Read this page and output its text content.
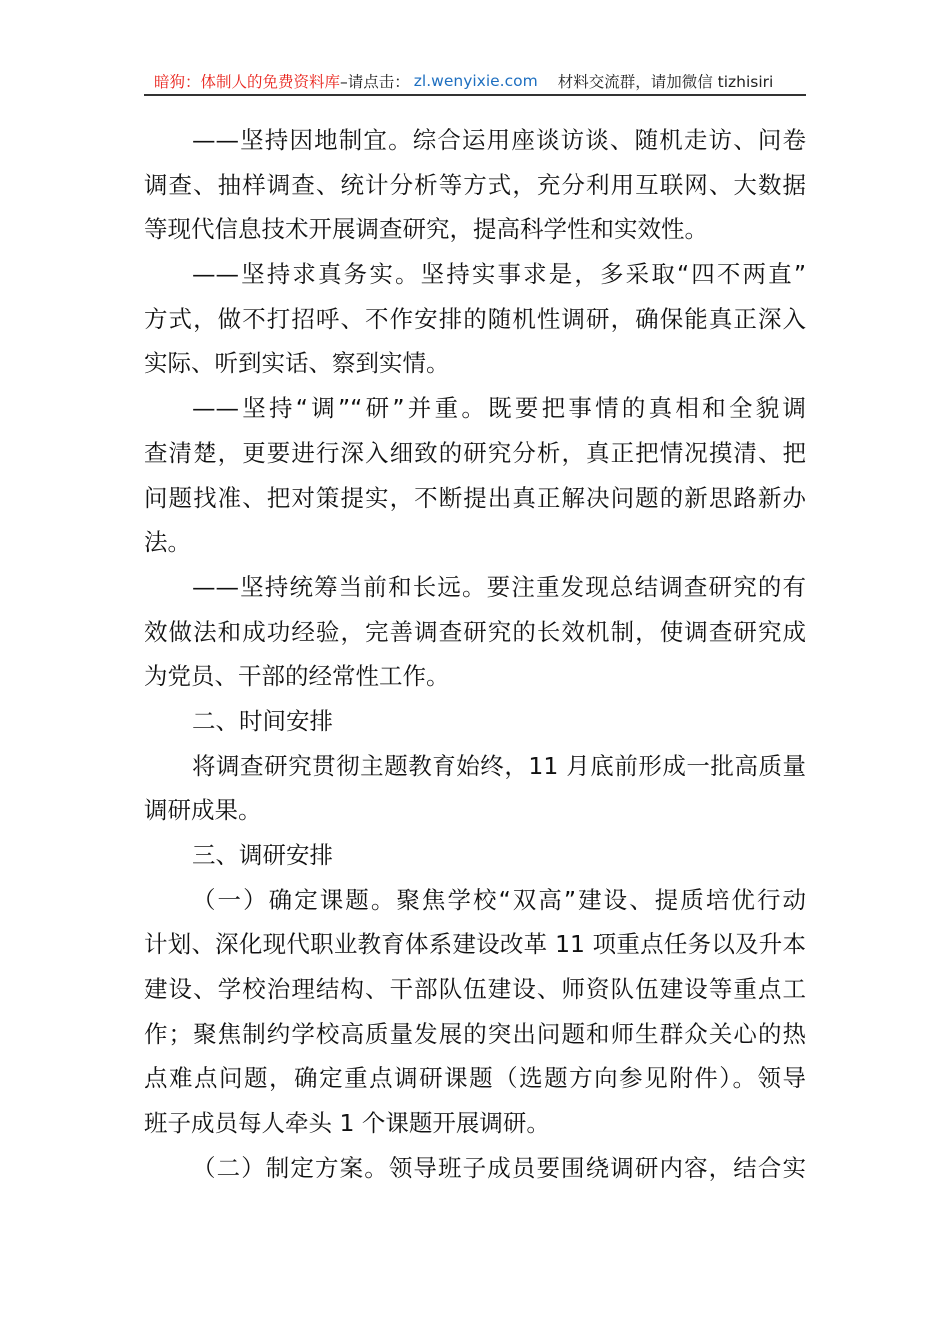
暗狗：体制人的免费资料库 –请点击： zl.wenyixie.com 材料交流群，请加微信 tizhisiri
——坚持因地制宜。综合运用座谈访谈、随机走访、问卷
调查、抽样调查、统计分析等方式，充分利用互联网、大数据
等现代信息技术开展调查研究，提高科学性和实效性。
——坚持求真务实。坚持实事求是，多采取“四不两直”
方式，做不打招呼、不作安排的随机性调研，确保能真正深入
实际、听到实话、察到实情。
——坚持“调”“研”并重。既要把事情的真相和全貌调
查清楚，更要进行深入细致的研究分析，真正把情况摸清、把
问题找准、把对策提实，不断提出真正解决问题的新思路新办
法。
——坚持统筹当前和长远。要注重发现总结调查研究的有
效做法和成功经验，完善调查研究的长效机制，使调查研究成
为党员、干部的经常性工作。
二、时间安排
将调查研究贯彻主题教育始终，11 月底前形成一批高质量
调研成果。
三、调研安排
（一）确定课题。聚焦学校“双高”建设、提质培优行动
计划、深化现代职业教育体系建设改革 11 项重点任务以及升本
建设、学校治理结构、干部队伍建设、师资队伍建设等重点工
作；聚焦制约学校高质量发展的突出问题和师生群众关心的热
点难点问题，确定重点调研课题（选题方向参见附件）。领导
班子成员每人牵头 1 个课题开展调研。
（二）制定方案。领导班子成员要围绕调研内容，结合实
